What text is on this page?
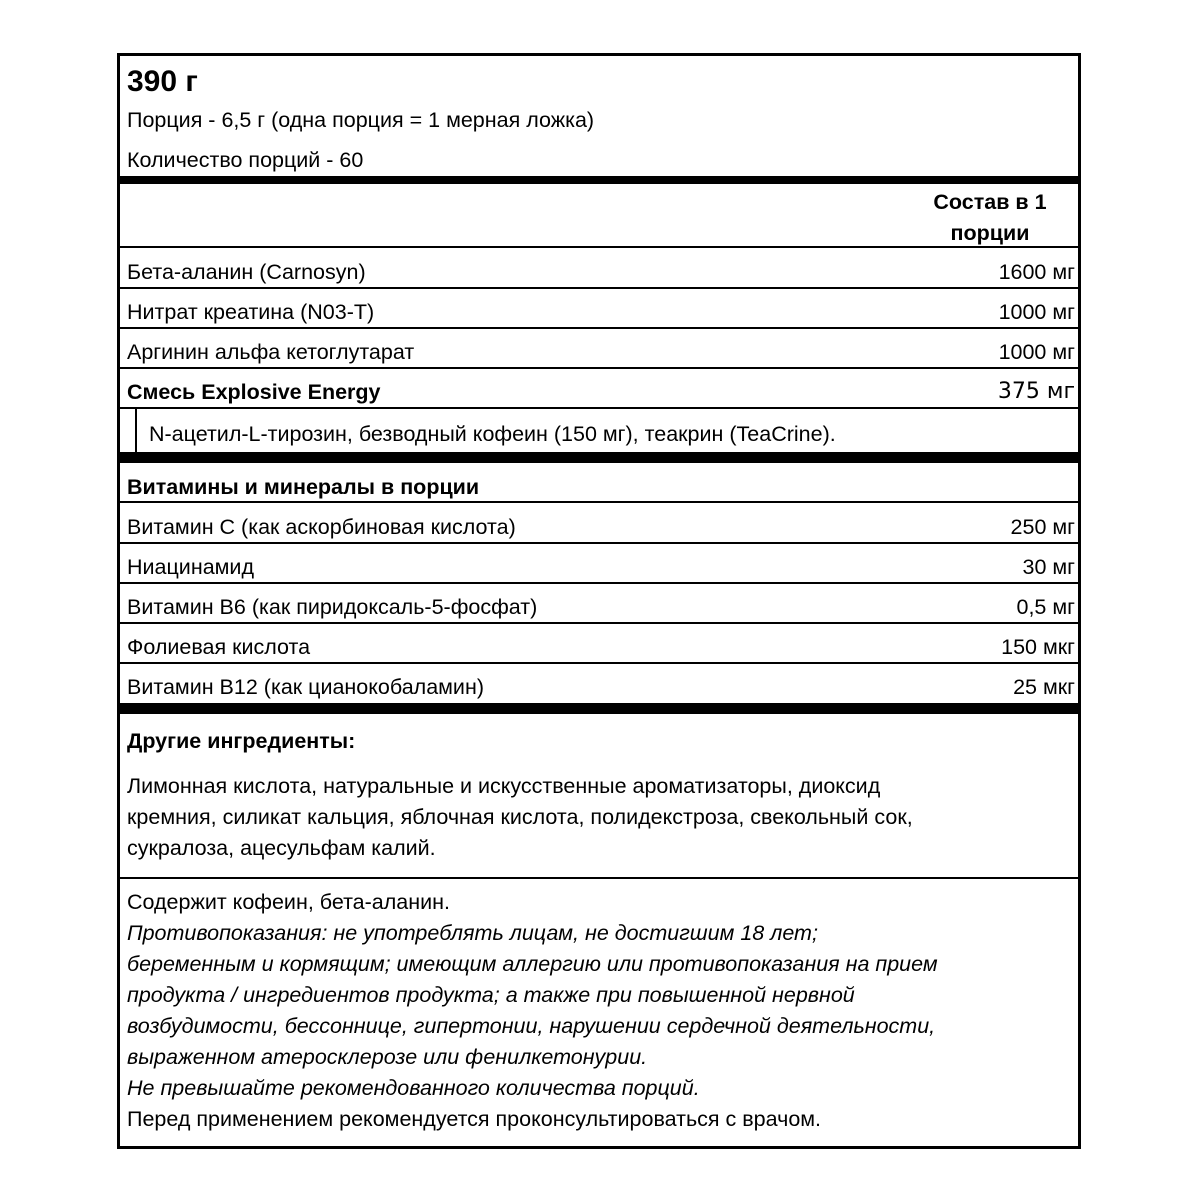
390 г
Порция - 6,5 г (одна порция = 1 мерная ложка)
Количество порций - 60
Состав в 1
порции
Бета-аланин (Carnosyn)	1600 мг
Нитрат креатина (N03-T)	1000 мг
Аргинин альфа кетоглутарат	1000 мг
Смесь Explosive Energy	375 мг
N-ацетил-L-тирозин, безводный кофеин (150 мг), теакрин (TeaCrine).
Витамины и минералы в порции
Витамин С (как аскорбиновая кислота)	250 мг
Ниацинамид	30 мг
Витамин В6 (как пиридоксаль-5-фосфат)	0,5 мг
Фолиевая кислота	150 мкг
Витамин В12 (как цианокобаламин)	25 мкг
Другие ингредиенты:
Лимонная кислота, натуральные и искусственные ароматизаторы, диоксид
кремния, силикат кальция, яблочная кислота, полидекстроза, свекольный сок,
сукралоза, ацесульфам калий.
Содержит кофеин, бета-аланин.
Противопоказания: не употреблять лицам, не достигшим 18 лет;
беременным и кормящим; имеющим аллергию или противопоказания на прием
продукта / ингредиентов продукта; а также при повышенной нервной
возбудимости, бессоннице, гипертонии, нарушении сердечной деятельности,
выраженном атеросклерозе или фенилкетонурии.
Не превышайте рекомендованного количества порций.
Перед применением рекомендуется проконсультироваться с врачом.
